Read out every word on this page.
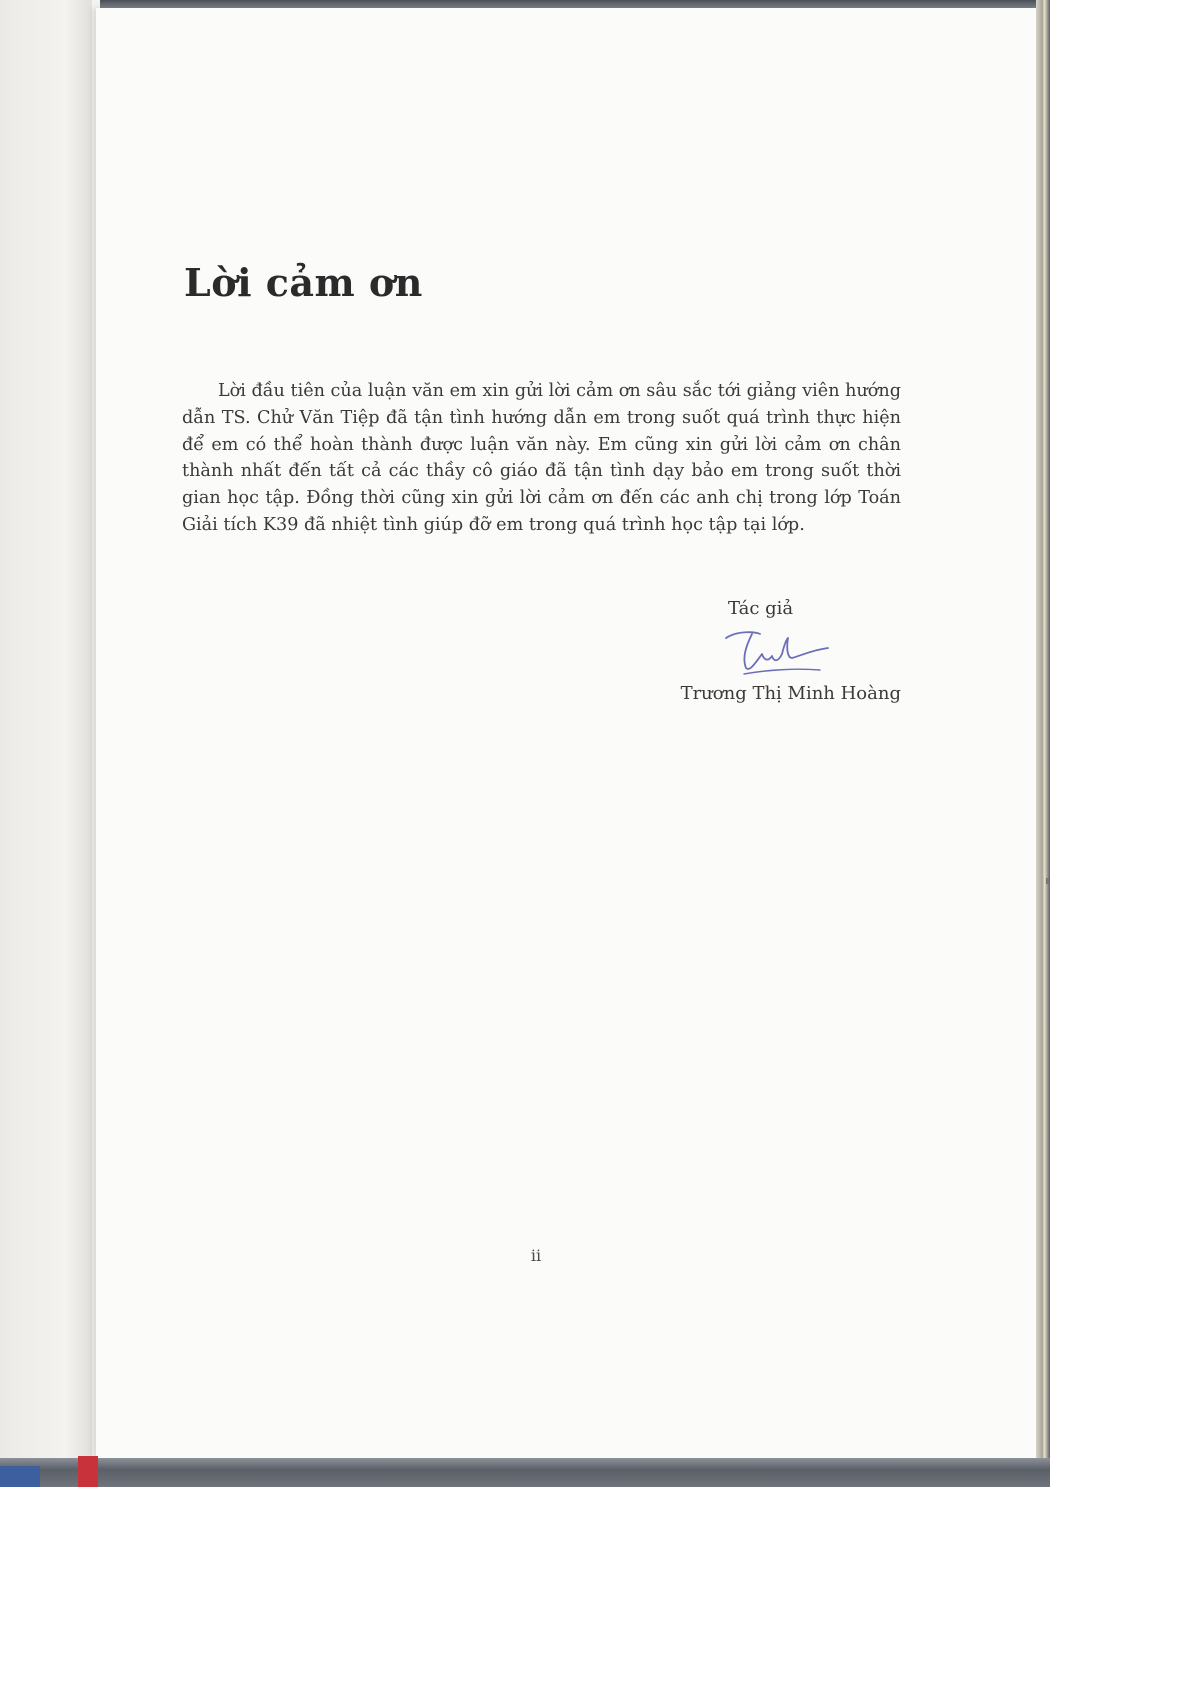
Lời cảm ơn

Lời đầu tiên của luận văn em xin gửi lời cảm ơn sâu sắc tới giảng viên hướng dẫn TS. Chử Văn Tiệp đã tận tình hướng dẫn em trong suốt quá trình thực hiện để em có thể hoàn thành được luận văn này. Em cũng xin gửi lời cảm ơn chân thành nhất đến tất cả các thầy cô giáo đã tận tình dạy bảo em trong suốt thời gian học tập. Đồng thời cũng xin gửi lời cảm ơn đến các anh chị trong lớp Toán Giải tích K39 đã nhiệt tình giúp đỡ em trong quá trình học tập tại lớp.

Tác giả
Trương Thị Minh Hoàng
ii
